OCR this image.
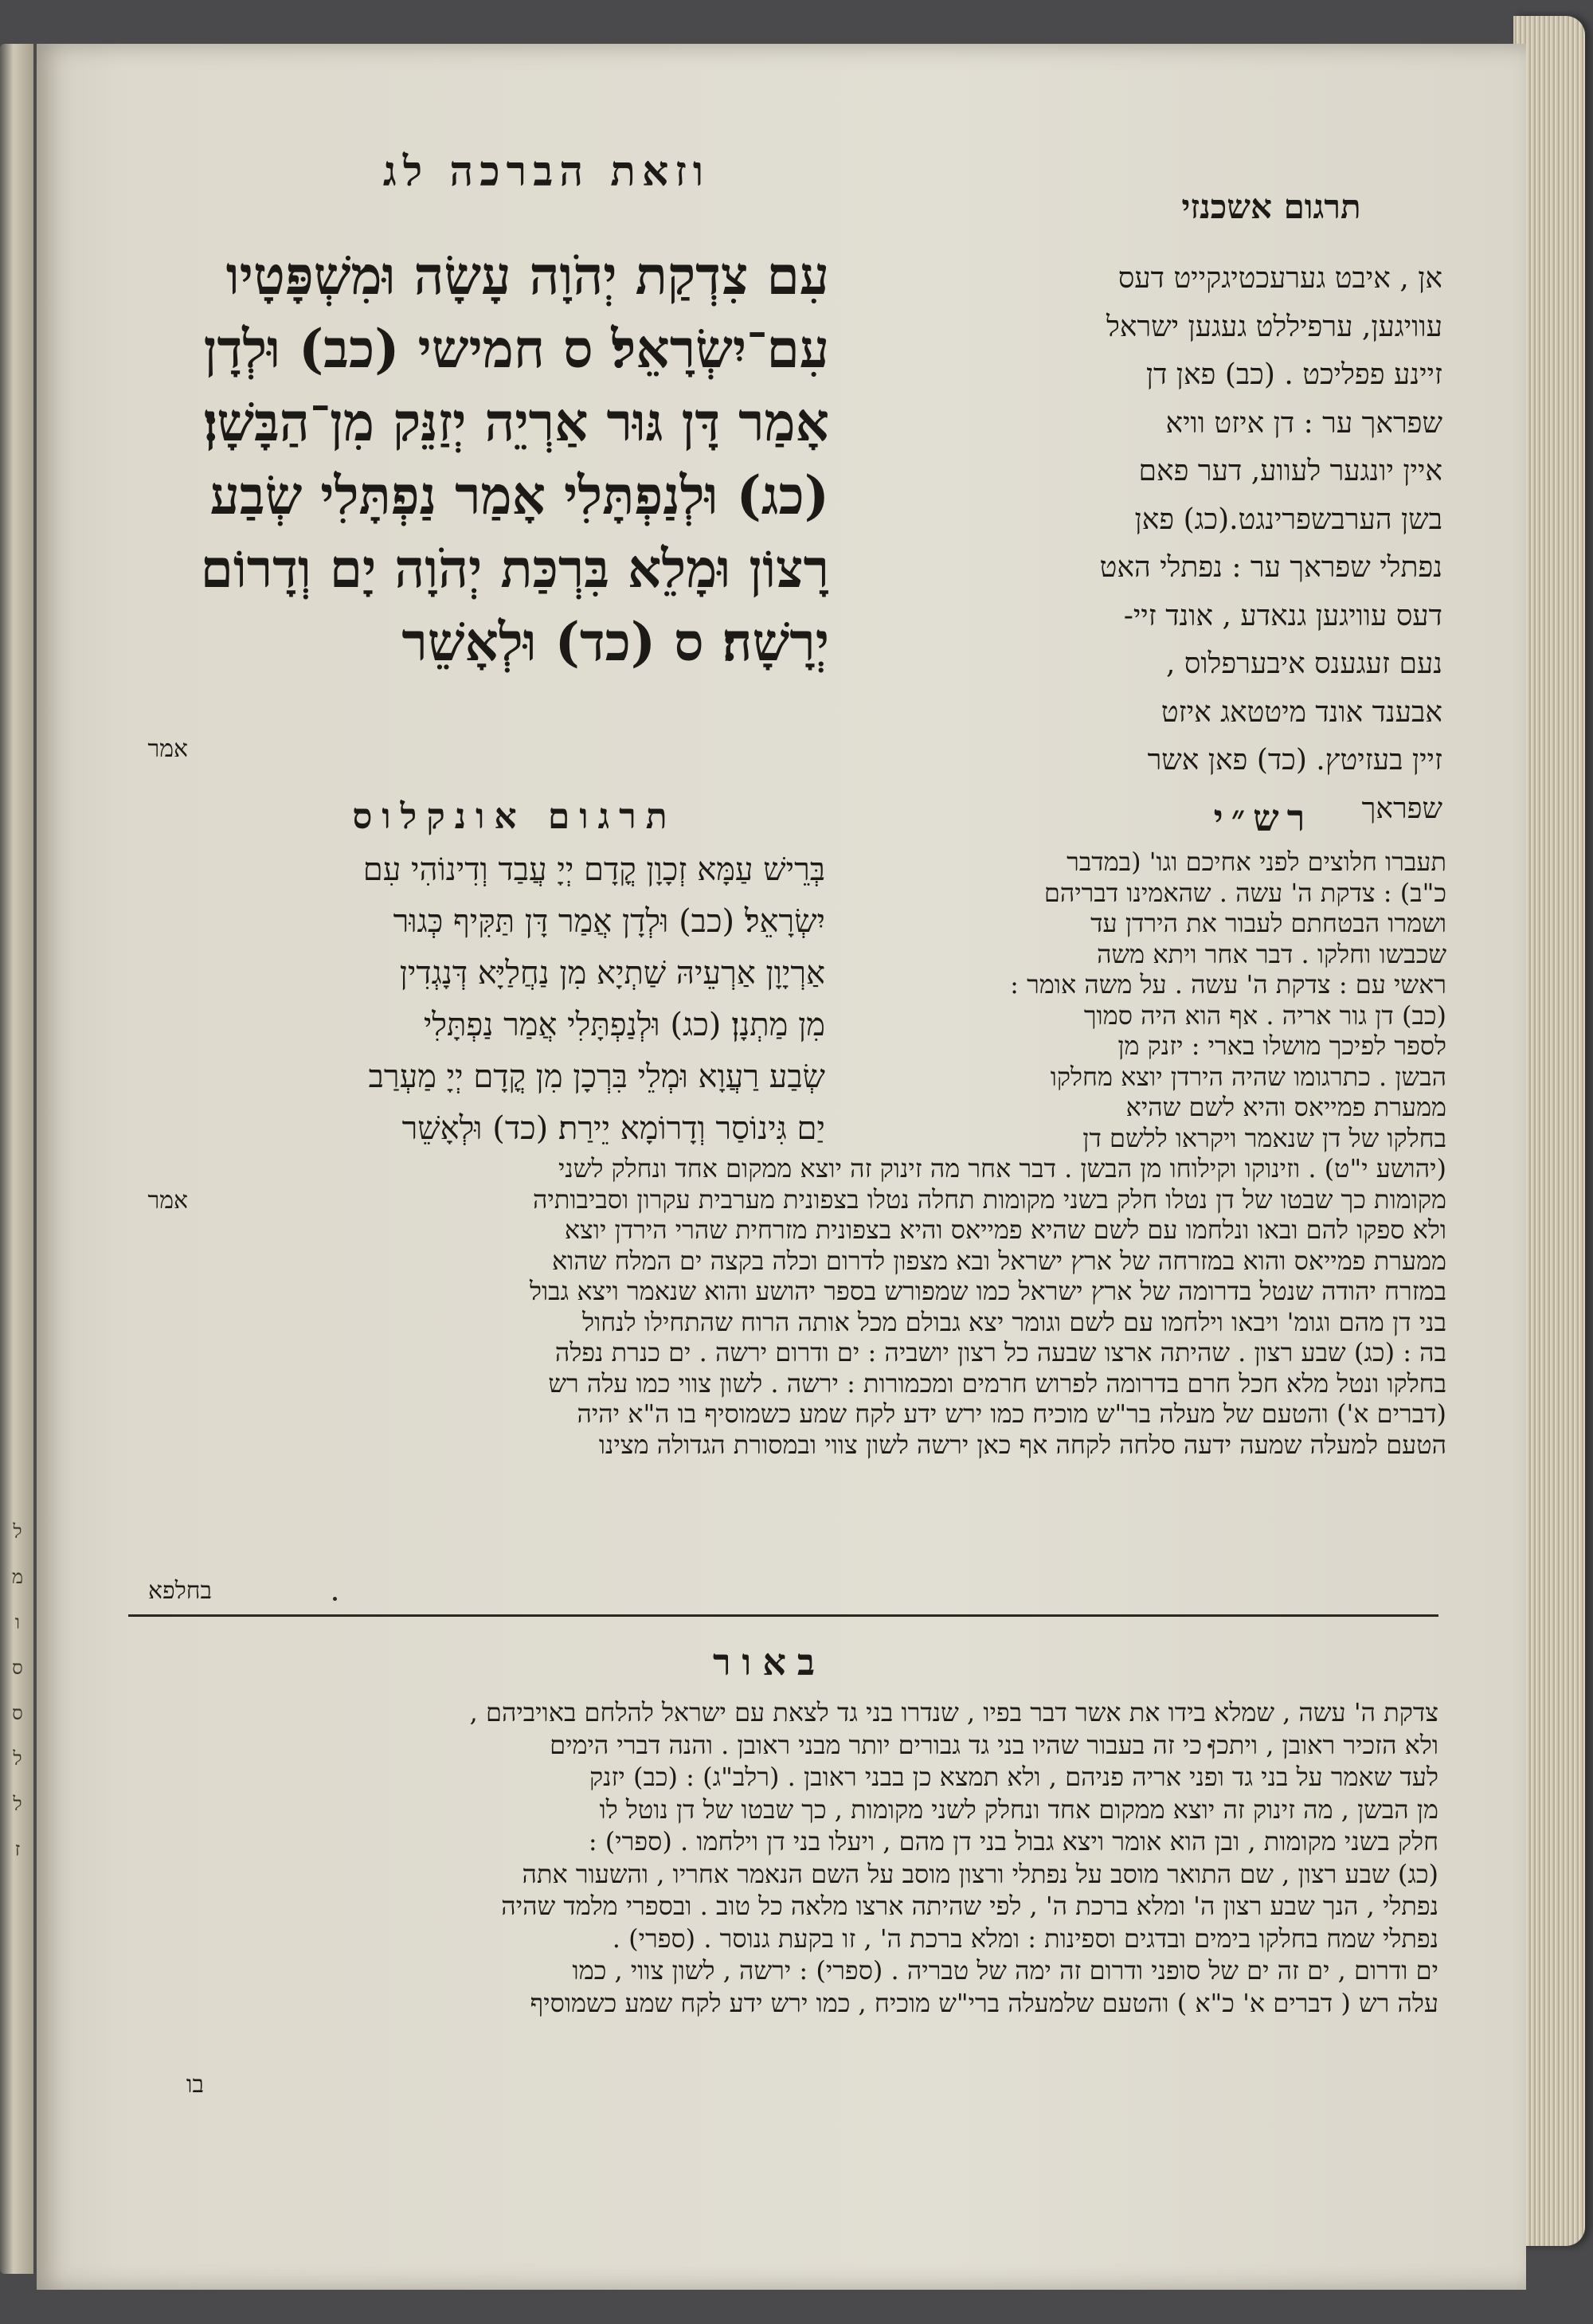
ל
מ
ו
ס
ס
ל
ל
ז
וזאת הברכה לג
תרגום אשכנזי
עִם צִדְקַת יְהֹוָה עָשָׂה וּמִשְׁפָּטָיו
עִם־יִשְׂרָאֵל׃ ס חמישי (כב) וּלְדָן
אָמַר דָּן גּוּר אַרְיֵה יְזַנֵּק מִן־הַבָּשָׁן׃
(כג) וּלְנַפְתָּלִי אָמַר נַפְתָּלִי שְׂבַע
רָצוֹן וּמָלֵא בִּרְכַּת יְהֹוָה יָם וְדָרוֹם
יְרָשָׁה׃ ס (כד) וּלְאָשֵׁר
אמר
אן , איבט גערעכטיגקייט דעס
עוויגען, ערפיללט געגען ישראל
זיינע פפליכט . (כב) פאן דן
שפראך ער : דן איזט וויא
איין יונגער לעווע, דער פאם
בשן הערבשפרינגט.(כג) פאן
נפתלי שפראך ער : נפתלי האט
דעס עוויגען גנאדע , אונד זיי-
נעם זעגענס איבערפלוס ,
אבענד אונד מיטטאג איזט
זיין בעזיטץ. (כד) פאן אשר
שפראך
תרגום אונקלוס	רש״י
בְּרֵישׁ עַמָּא זְכָוָן קֳדָם יְיָ עֲבַד וְדִינוֹהִי עִם
יִשְׂרָאֵל׃ (כב) וּלְדָן אֲמַר דָּן תַּקִּיף כְּגוּר
אַרְיָוָן אַרְעֵיהּ שַׁתְיָא מִן נַחֲלַיָּא דְּנָגְדִין
מִן מַתְנָן׃ (כג) וּלְנַפְתָּלִי אֲמַר נַפְתָּלִי
שְׂבַע רַעֲוָא וּמְלֵי בִּרְכָן מִן קֳדָם יְיָ מַעְרַב
יַם גִּינוֹסַר וְדָרוֹמָא יֵירַת׃ (כד) וּלְאָשֵׁר
אמר
תעברו חלוצים לפני אחיכם וגו' (במדבר
כ"ב) : צדקת ה' עשה . שהאמינו דבריהם
ושמרו הבטחתם לעבור את הירדן עד
שכבשו וחלקו . דבר אחר ויתא משה
ראשי עם : צדקת ה' עשה . על משה אומר :
(כב) דן גור אריה . אף הוא היה סמוך
לספר לפיכך מושלו בארי : יזנק מן
הבשן . כתרגומו שהיה הירדן יוצא מחלקו
ממערת פמייאס והיא לשם שהיא
בחלקו של דן שנאמר ויקראו ללשם דן
(יהושע י"ט) . וזינוקו וקילוחו מן הבשן . דבר אחר מה זינוק זה יוצא ממקום אחד ונחלק לשני
מקומות כך שבטו של דן נטלו חלק בשני מקומות תחלה נטלו בצפונית מערבית עקרון וסביבותיה
ולא ספקו להם ובאו ונלחמו עם לשם שהיא פמייאס והיא בצפונית מזרחית שהרי הירדן יוצא
ממערת פמייאס והוא במזרחה של ארץ ישראל ובא מצפון לדרום וכלה בקצה ים המלח שהוא
במזרח יהודה שנטל בדרומה של ארץ ישראל כמו שמפורש בספר יהושע והוא שנאמר ויצא גבול
בני דן מהם וגומ' ויבאו וילחמו עם לשם וגומר יצא גבולם מכל אותה הרוח שהתחילו לנחול
בה : (כג) שבע רצון . שהיתה ארצו שבעה כל רצון יושביה : ים ודרום ירשה . ים כנרת נפלה
בחלקו ונטל מלא חכל חרם בדרומה לפרוש חרמים ומכמורות : ירשה . לשון צווי כמו עלה רש
(דברים א') והטעם של מעלה בר"ש מוכיח כמו ירש ידע לקח שמע כשמוסיף בו ה"א יהיה
הטעם למעלה שמעה ידעה סלחה לקחה אף כאן ירשה לשון צווי ובמסורת הגדולה מצינו
בחלפא
באור
צדקת ה' עשה , שמלא בידו את אשר דבר בפיו , שנדרו בני גד לצאת עם ישראל להלחם באויביהם ,
ולא הזכיר ראובן , ויתכן כי זה בעבור שהיו בני גד גבורים יותר מבני ראובן . והנה דברי הימים
לעד שאמר על בני גד ופני אריה פניהם , ולא תמצא כן בבני ראובן . (רלב"ג) : (כב) יזנק
מן הבשן , מה זינוק זה יוצא ממקום אחד ונחלק לשני מקומות , כך שבטו של דן נוטל לו
חלק בשני מקומות , ובן הוא אומר ויצא גבול בני דן מהם , ויעלו בני דן וילחמו . (ספרי) :
(כג) שבע רצון , שם התואר מוסב על נפתלי ורצון מוסב על השם הנאמר אחריו , והשעור אתה
נפתלי , הנך שבע רצון ה' ומלא ברכת ה' , לפי שהיתה ארצו מלאה כל טוב . ובספרי מלמד שהיה
נפתלי שמח בחלקו בימים ובדגים וספינות : ומלא ברכת ה' , זו בקעת גנוסר . (ספרי) .
ים ודרום , ים זה ים של סופני ודרום זה ימה של טבריה . (ספרי) : ירשה , לשון צווי , כמו
עלה רש ( דברים א' כ"א ) והטעם שלמעלה ברי"ש מוכיח , כמו ירש ידע לקח שמע כשמוסיף
בו
